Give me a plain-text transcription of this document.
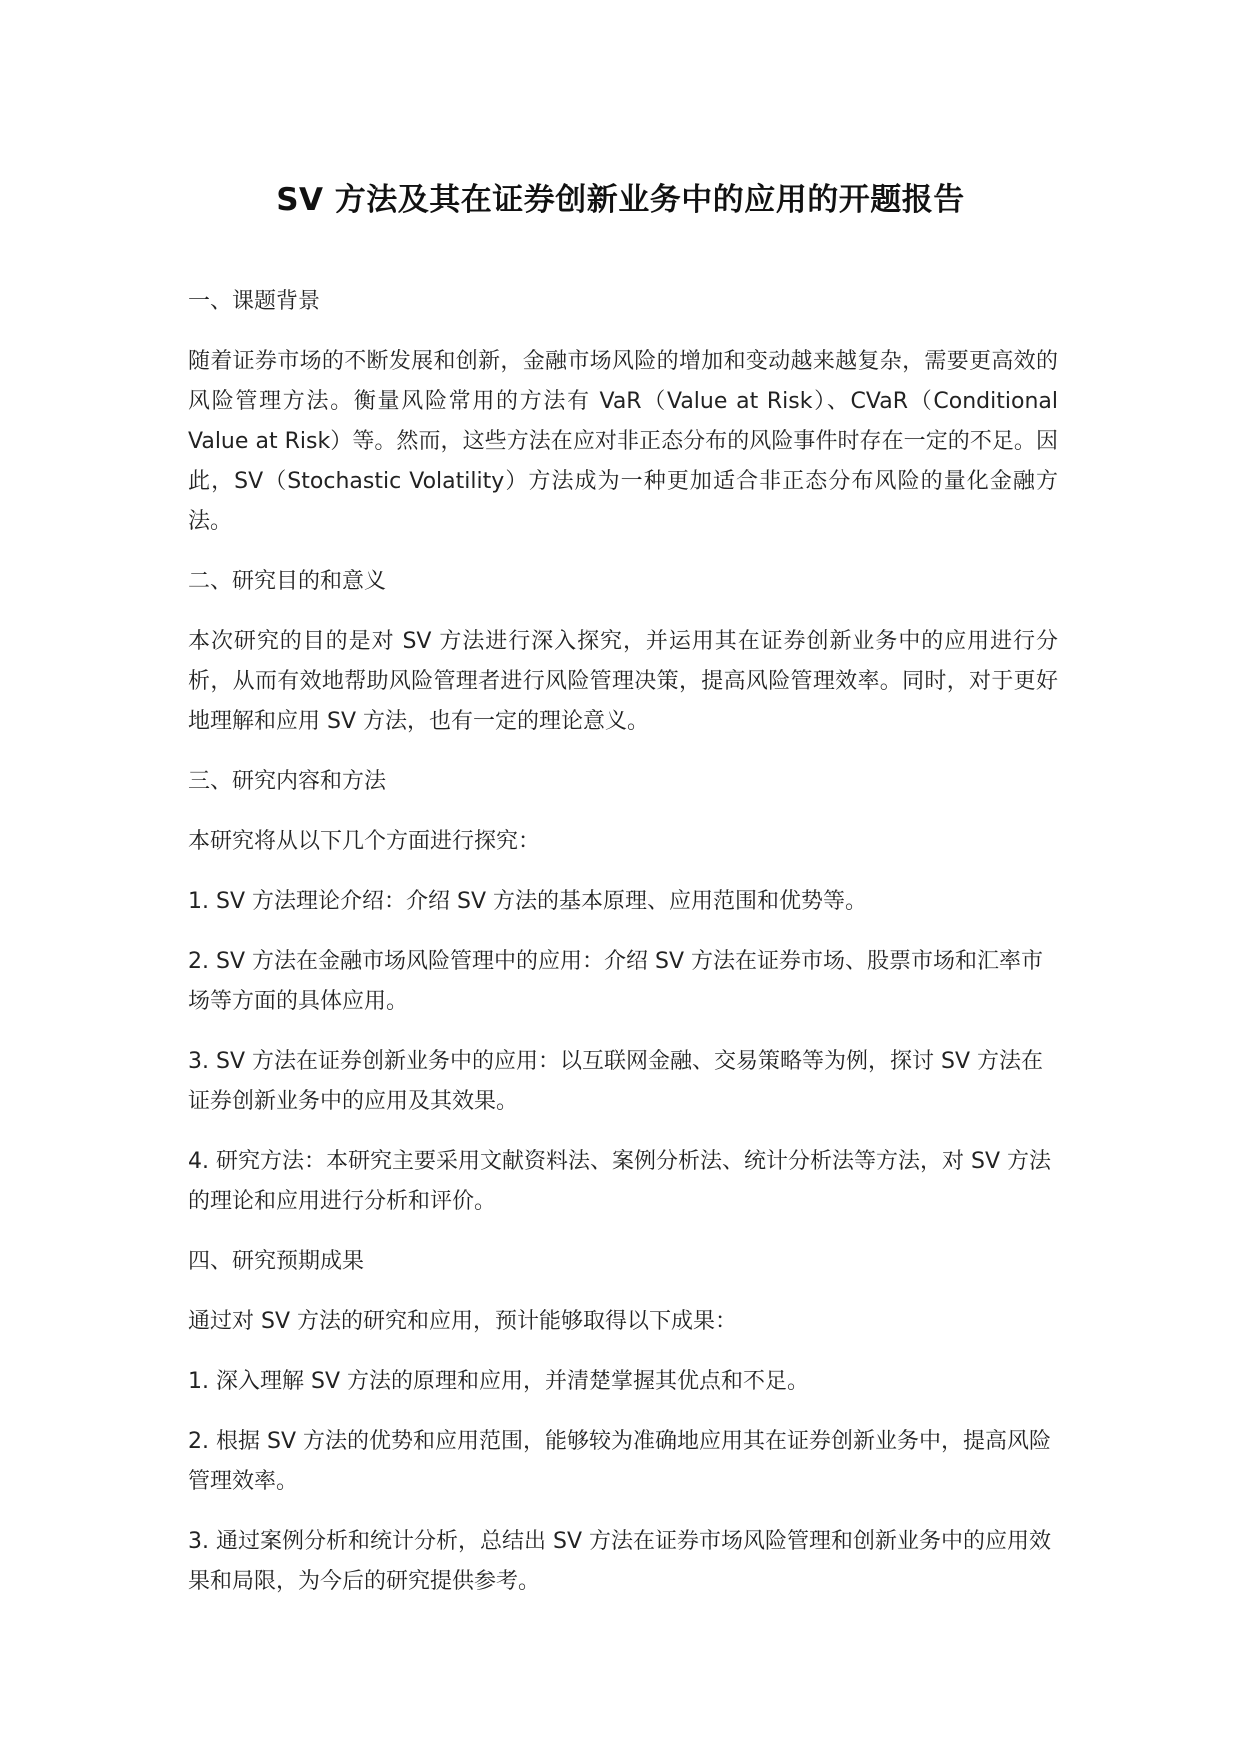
SV 方法及其在证券创新业务中的应用的开题报告
一、课题背景

随着证券市场的不断发展和创新，金融市场风险的增加和变动越来越复杂，需要更高效的风险管理方法。衡量风险常用的方法有 VaR（Value at Risk）、CVaR（Conditional Value at Risk）等。然而，这些方法在应对非正态分布的风险事件时存在一定的不足。因此，SV（Stochastic Volatility）方法成为一种更加适合非正态分布风险的量化金融方法。

二、研究目的和意义

本次研究的目的是对 SV 方法进行深入探究，并运用其在证券创新业务中的应用进行分析，从而有效地帮助风险管理者进行风险管理决策，提高风险管理效率。同时，对于更好地理解和应用 SV 方法，也有一定的理论意义。

三、研究内容和方法

本研究将从以下几个方面进行探究：

1. SV 方法理论介绍：介绍 SV 方法的基本原理、应用范围和优势等。

2. SV 方法在金融市场风险管理中的应用：介绍 SV 方法在证券市场、股票市场和汇率市场等方面的具体应用。

3. SV 方法在证券创新业务中的应用：以互联网金融、交易策略等为例，探讨 SV 方法在证券创新业务中的应用及其效果。

4. 研究方法：本研究主要采用文献资料法、案例分析法、统计分析法等方法，对 SV 方法的理论和应用进行分析和评价。

四、研究预期成果

通过对 SV 方法的研究和应用，预计能够取得以下成果：

1. 深入理解 SV 方法的原理和应用，并清楚掌握其优点和不足。

2. 根据 SV 方法的优势和应用范围，能够较为准确地应用其在证券创新业务中，提高风险管理效率。

3. 通过案例分析和统计分析，总结出 SV 方法在证券市场风险管理和创新业务中的应用效果和局限，为今后的研究提供参考。
